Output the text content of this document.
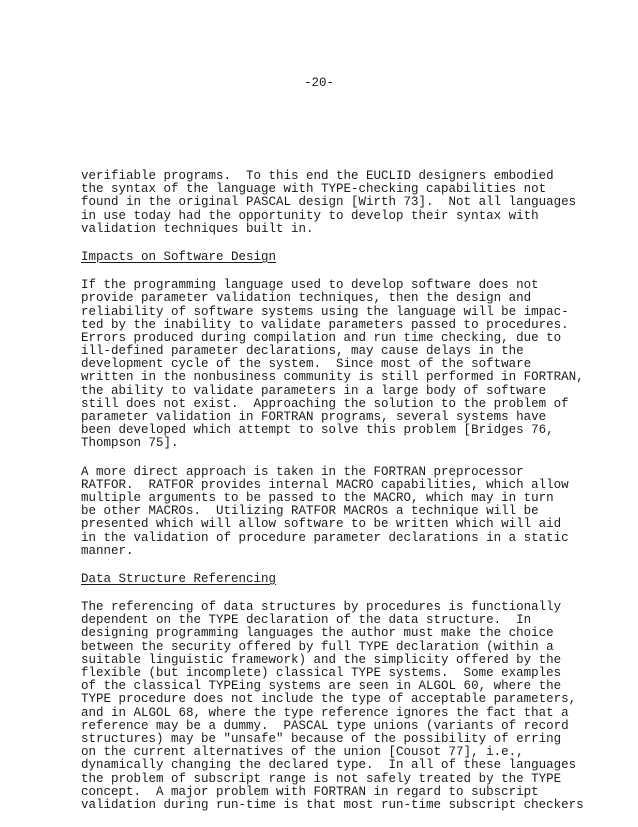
-20-
verifiable programs.  To this end the EUCLID designers embodied
the syntax of the language with TYPE-checking capabilities not
found in the original PASCAL design [Wirth 73].  Not all languages
in use today had the opportunity to develop their syntax with
validation techniques built in.
Impacts on Software Design
If the programming language used to develop software does not
provide parameter validation techniques, then the design and
reliability of software systems using the language will be impac-
ted by the inability to validate parameters passed to procedures.
Errors produced during compilation and run time checking, due to
ill-defined parameter declarations, may cause delays in the
development cycle of the system.  Since most of the software
written in the nonbusiness community is still performed in FORTRAN,
the ability to validate parameters in a large body of software
still does not exist.  Approaching the solution to the problem of
parameter validation in FORTRAN programs, several systems have
been developed which attempt to solve this problem [Bridges 76,
Thompson 75].
A more direct approach is taken in the FORTRAN preprocessor
RATFOR.  RATFOR provides internal MACRO capabilities, which allow
multiple arguments to be passed to the MACRO, which may in turn
be other MACROs.  Utilizing RATFOR MACROs a technique will be
presented which will allow software to be written which will aid
in the validation of procedure parameter declarations in a static
manner.
Data Structure Referencing
The referencing of data structures by procedures is functionally
dependent on the TYPE declaration of the data structure.  In
designing programming languages the author must make the choice
between the security offered by full TYPE declaration (within a
suitable linguistic framework) and the simplicity offered by the
flexible (but incomplete) classical TYPE systems.  Some examples
of the classical TYPEing systems are seen in ALGOL 60, where the
TYPE procedure does not include the type of acceptable parameters,
and in ALGOL 68, where the type reference ignores the fact that a
reference may be a dummy.  PASCAL type unions (variants of record
structures) may be "unsafe" because of the possibility of erring
on the current alternatives of the union [Cousot 77], i.e.,
dynamically changing the declared type.  In all of these languages
the problem of subscript range is not safely treated by the TYPE
concept.  A major problem with FORTRAN in regard to subscript
validation during run-time is that most run-time subscript checkers
